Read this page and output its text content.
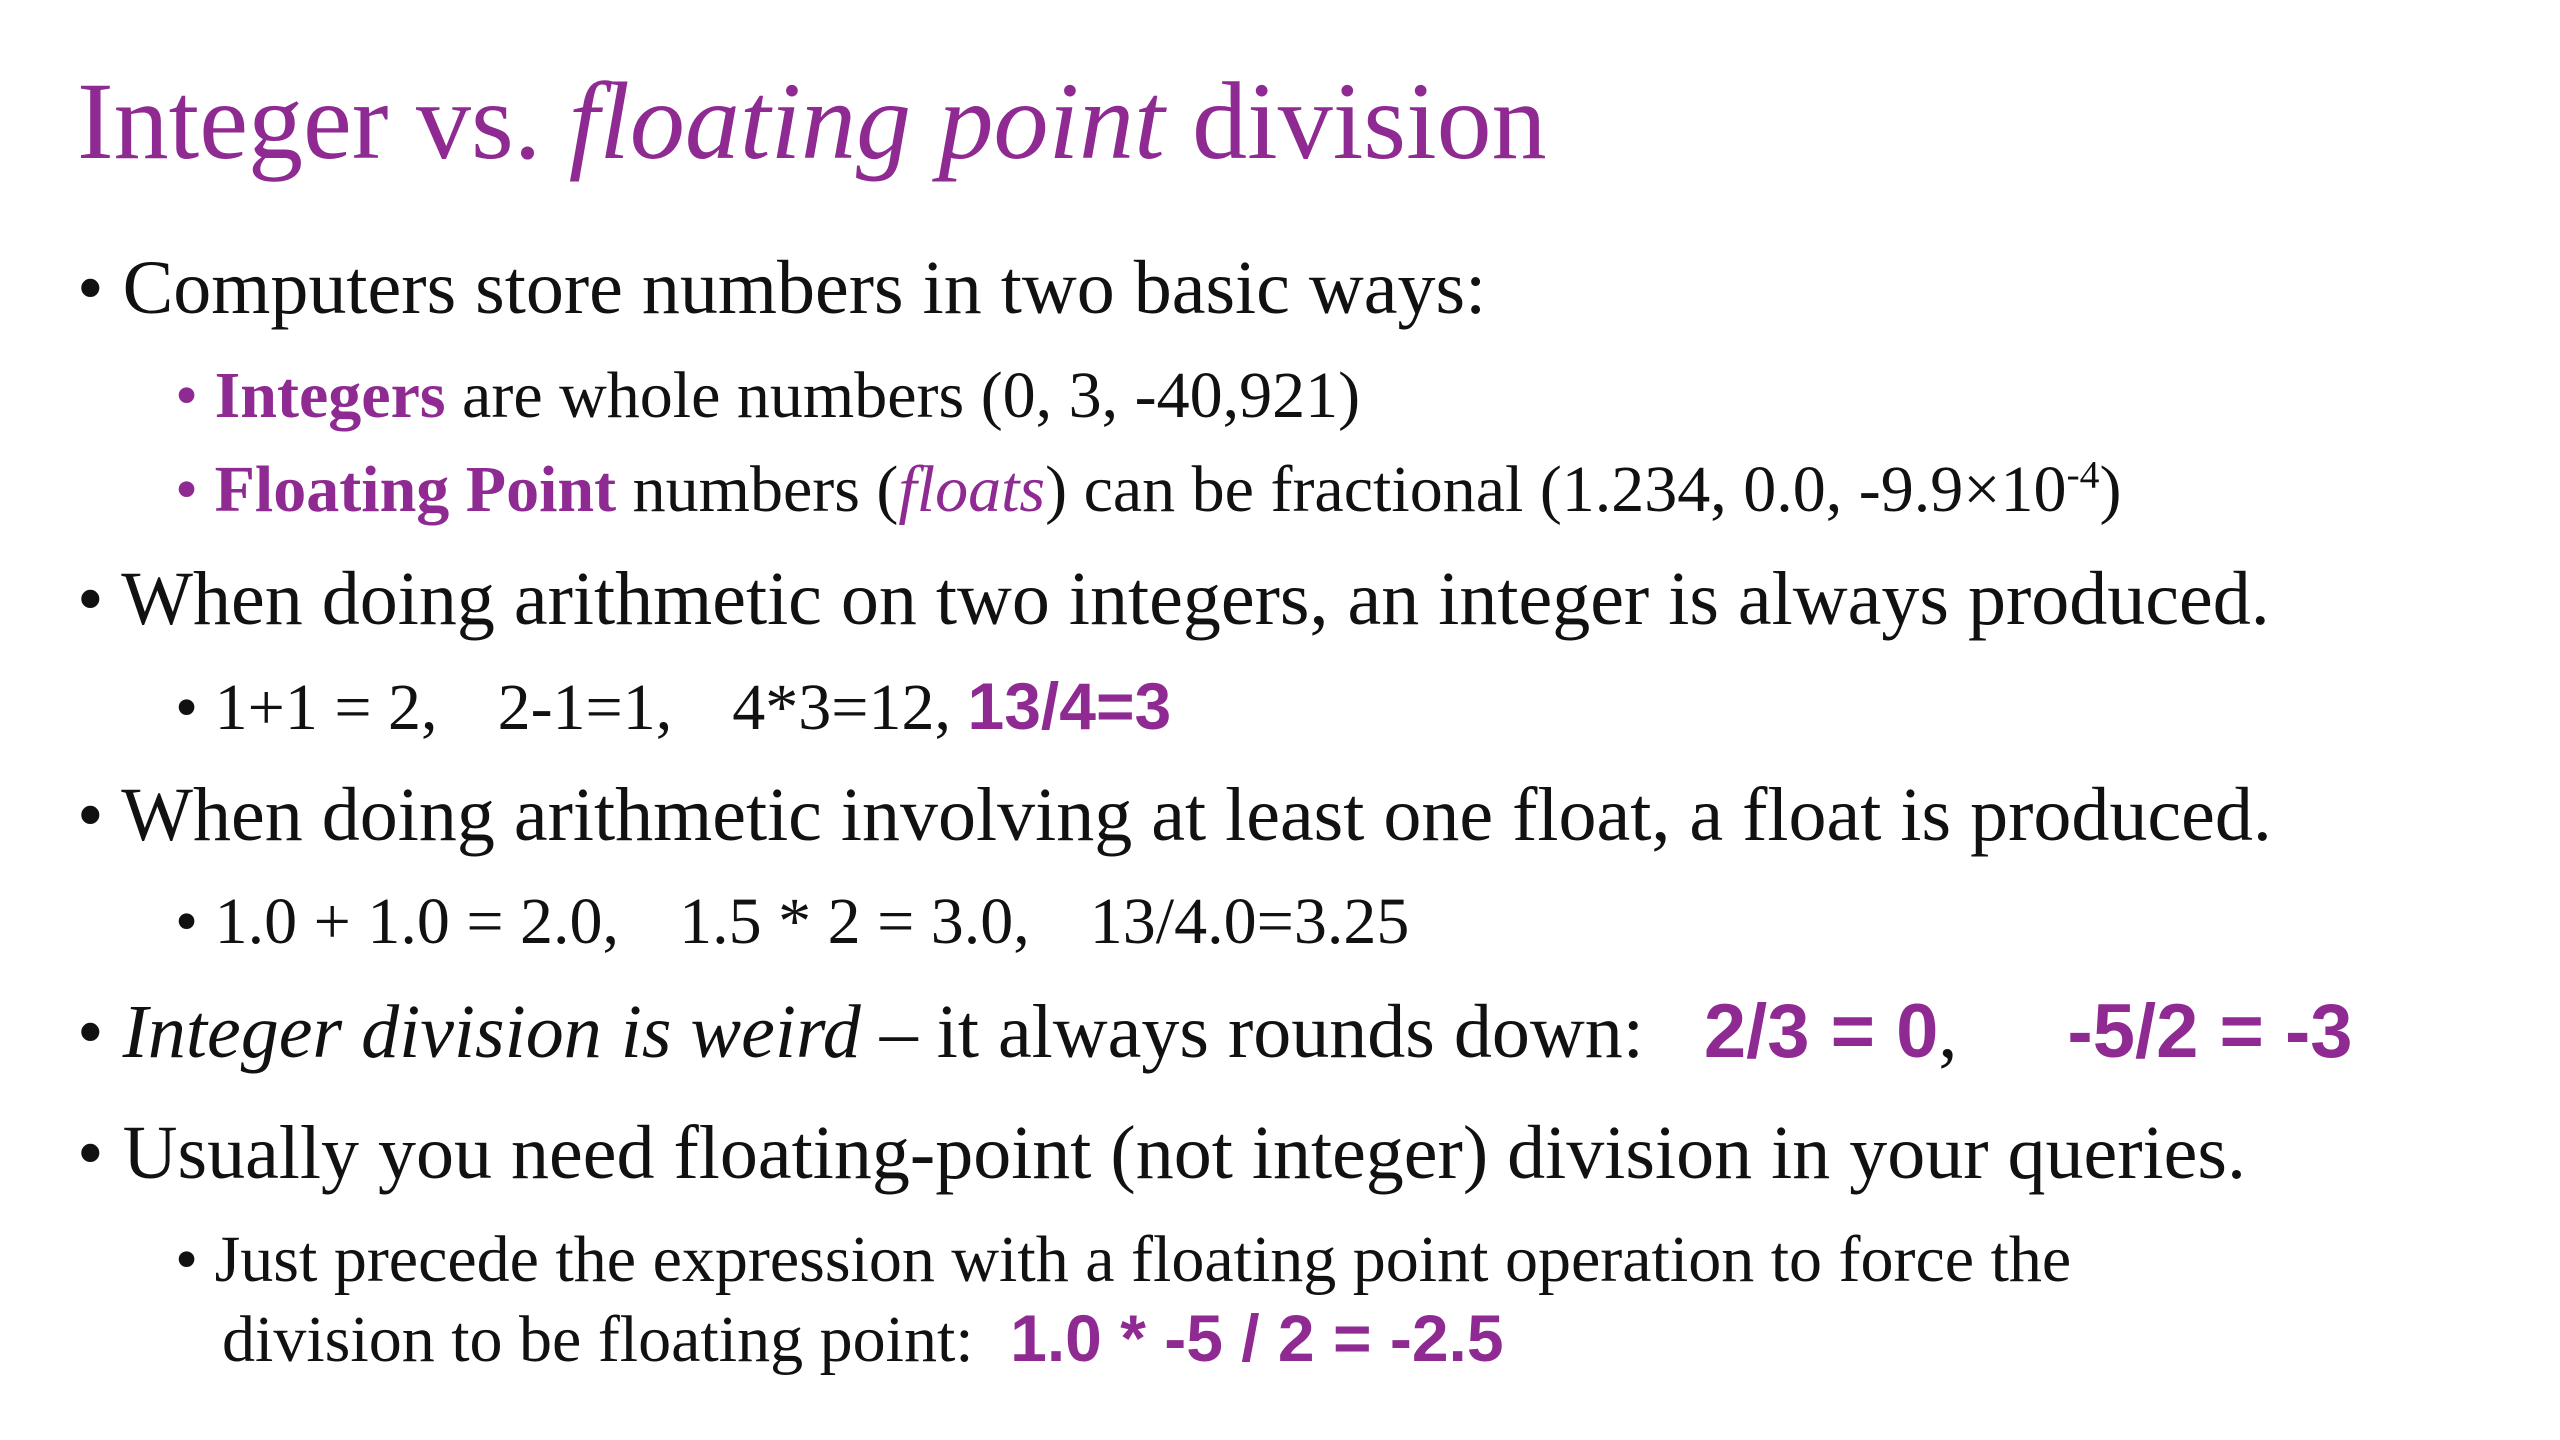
Integer vs. floating point division
• Computers store numbers in two basic ways:
• Integers are whole numbers (0, 3, -40,921)
• Floating Point numbers (floats) can be fractional (1.234, 0.0, $-9.9\times 10^{-4}$)
• When doing arithmetic on two integers, an integer is always produced.
• 1+1 = 2, 2-1=1, 4*3=12, 13/4=3
• When doing arithmetic involving at least one float, a float is produced.
• 1.0 + 1.0 = 2.0, 1.5 * 2 = 3.0, 13/4.0=3.25
• Integer division is weird – it always rounds down: 2/3 = 0, -5/2 = -3
• Usually you need floating-point (not integer) division in your queries.
• Just precede the expression with a floating point operation to force the
division to be floating point: 1.0 * -5 / 2 = -2.5
